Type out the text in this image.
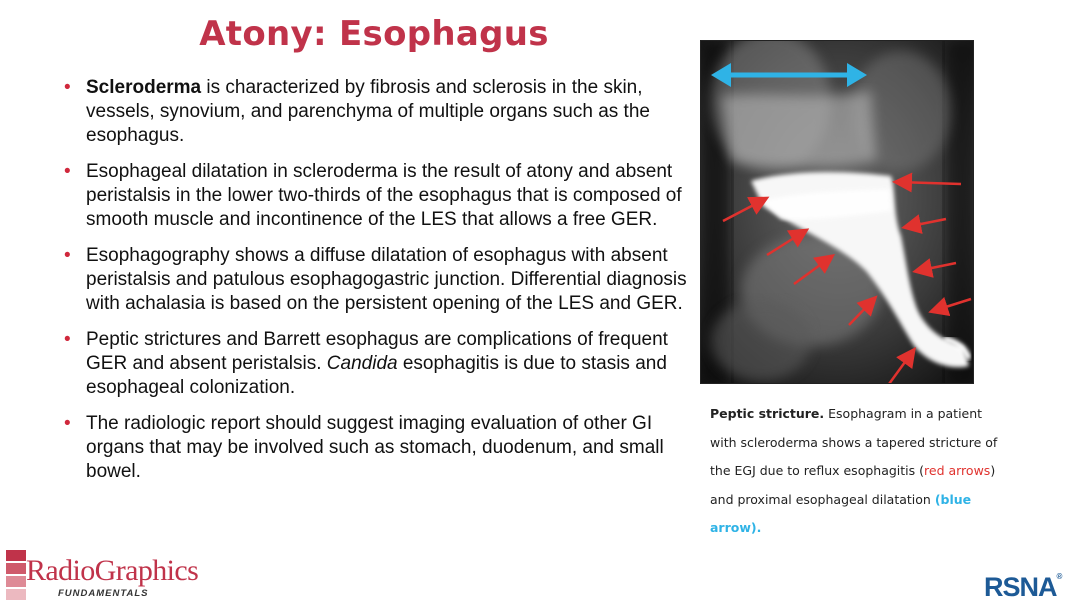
Atony: Esophagus
• Scleroderma is characterized by fibrosis and sclerosis in the skin, vessels, synovium, and parenchyma of multiple organs such as the esophagus.
• Esophageal dilatation in scleroderma is the result of atony and absent peristalsis in the lower two-thirds of the esophagus that is composed of smooth muscle and incontinence of the LES that allows a free GER.
• Esophagography shows a diffuse dilatation of esophagus with absent peristalsis and patulous esophagogastric junction. Differential diagnosis with achalasia is based on the persistent opening of the LES and GER.
• Peptic strictures and Barrett esophagus are complications of frequent GER and absent peristalsis. Candida esophagitis is due to stasis and esophageal colonization.
• The radiologic report should suggest imaging evaluation of other GI organs that may be involved such as stomach, duodenum, and small bowel.
Peptic stricture. Esophagram in a patient with scleroderma shows a tapered stricture of the EGJ due to reflux esophagitis (red arrows) and proximal esophageal dilatation (blue arrow).
RadioGraphics
FUNDAMENTALS	RSNA®
